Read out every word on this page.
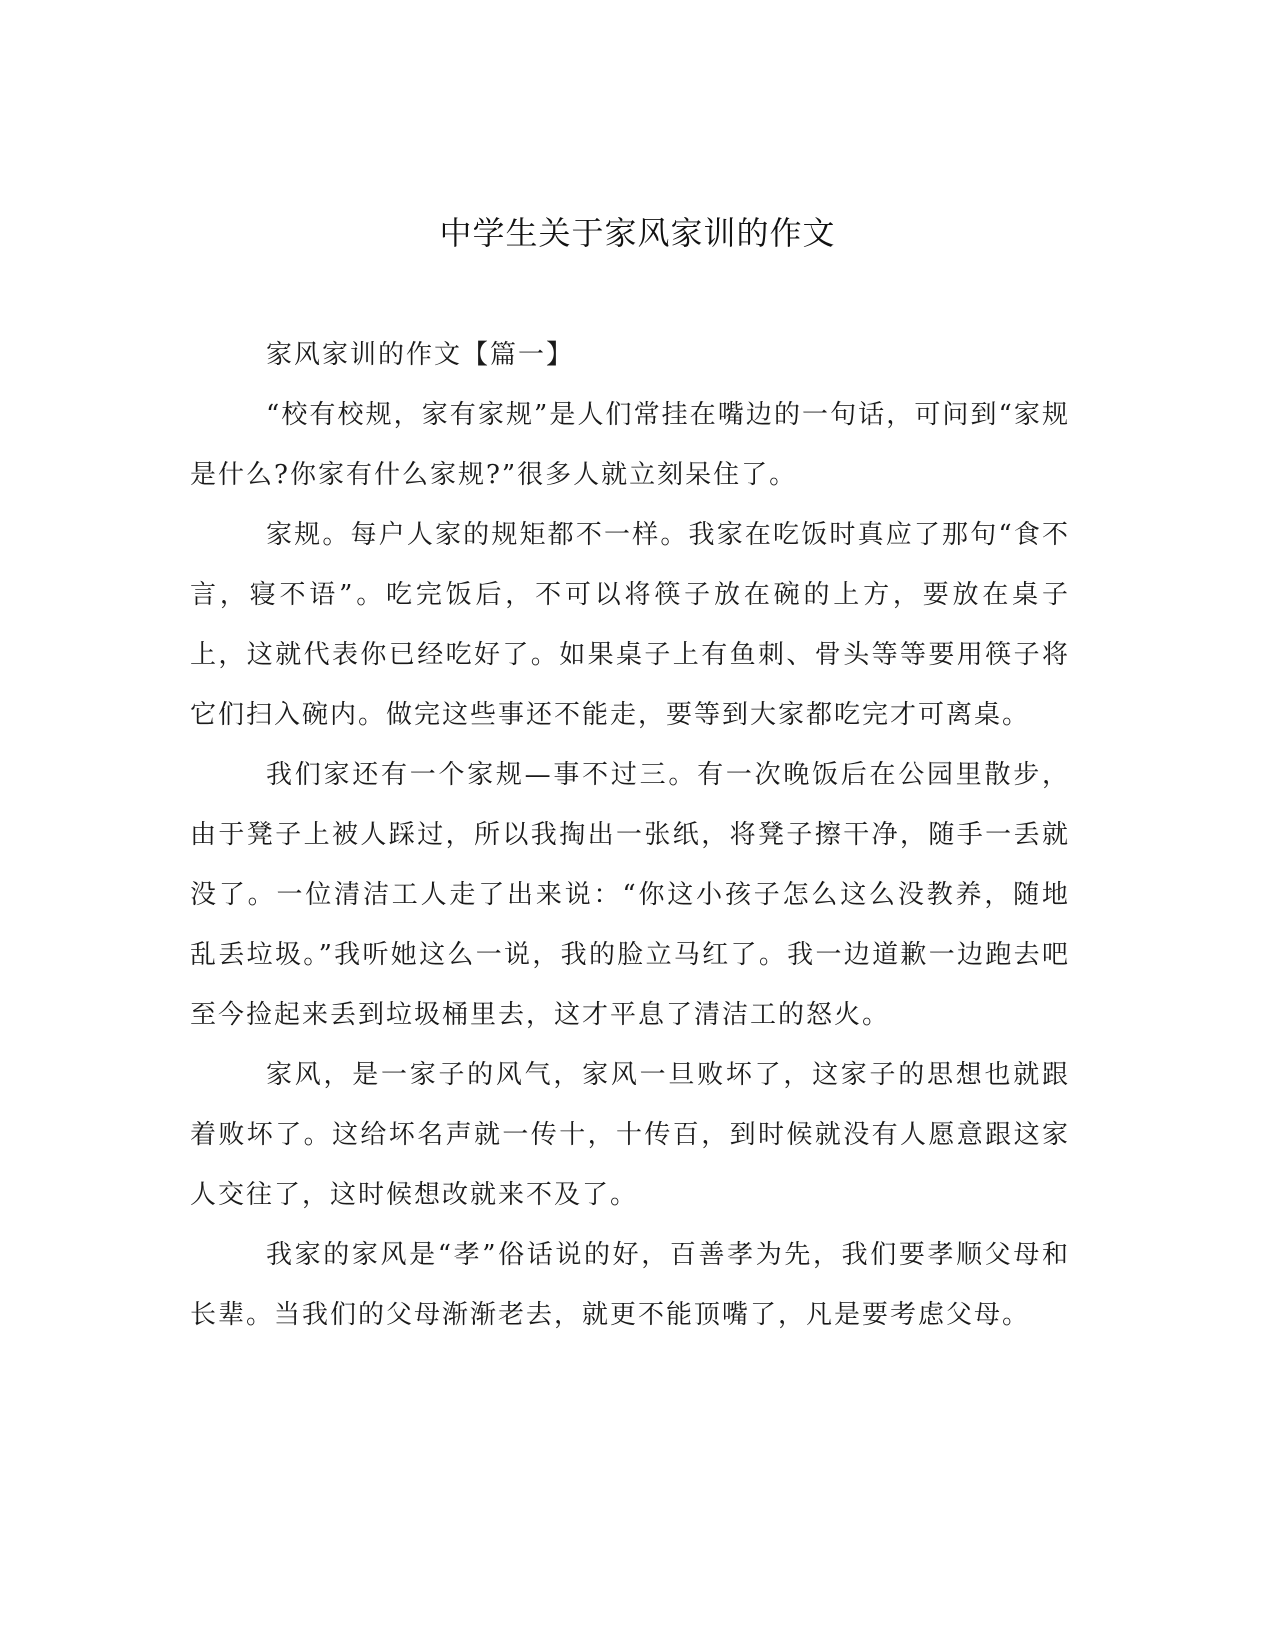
中学生关于家风家训的作文

家风家训的作文【篇一】

“校有校规，家有家规”是人们常挂在嘴边的一句话，可问到“家规是什么?你家有什么家规?”很多人就立刻呆住了。

家规。每户人家的规矩都不一样。我家在吃饭时真应了那句“食不言，寝不语”。吃完饭后，不可以将筷子放在碗的上方，要放在桌子上，这就代表你已经吃好了。如果桌子上有鱼刺、骨头等等要用筷子将它们扫入碗内。做完这些事还不能走，要等到大家都吃完才可离桌。

我们家还有一个家规—事不过三。有一次晚饭后在公园里散步，由于凳子上被人踩过，所以我掏出一张纸，将凳子擦干净，随手一丢就没了。一位清洁工人走了出来说：“你这小孩子怎么这么没教养，随地乱丢垃圾。”我听她这么一说，我的脸立马红了。我一边道歉一边跑去吧至今捡起来丢到垃圾桶里去，这才平息了清洁工的怒火。

家风，是一家子的风气，家风一旦败坏了，这家子的思想也就跟着败坏了。这给坏名声就一传十，十传百，到时候就没有人愿意跟这家人交往了，这时候想改就来不及了。

我家的家风是“孝”俗话说的好，百善孝为先，我们要孝顺父母和长辈。当我们的父母渐渐老去，就更不能顶嘴了，凡是要考虑父母。
